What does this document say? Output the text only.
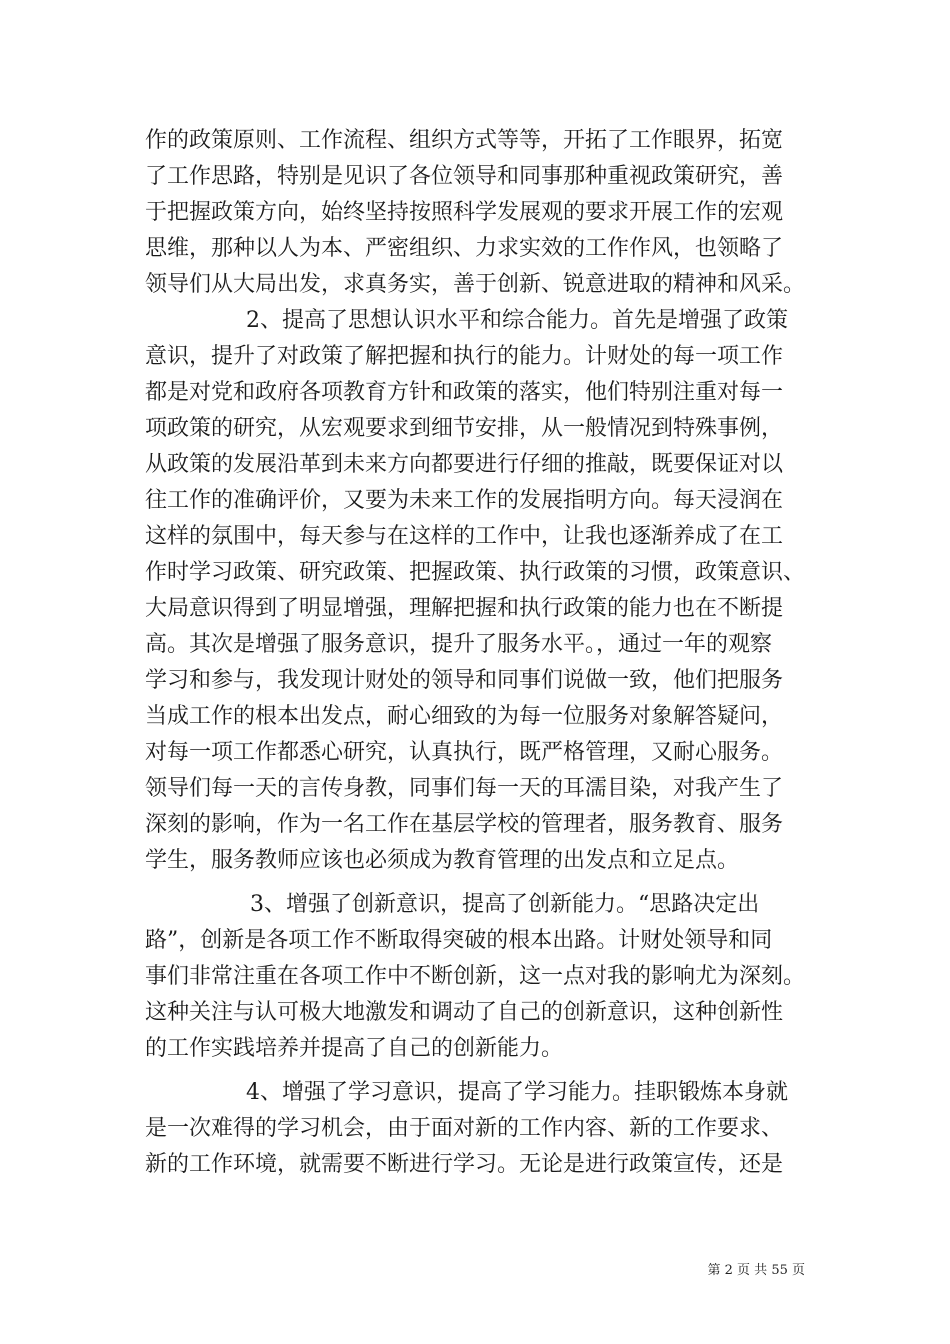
作的政策原则、工作流程、组织方式等等，开拓了工作眼界，拓宽
了工作思路，特别是见识了各位领导和同事那种重视政策研究，善
于把握政策方向，始终坚持按照科学发展观的要求开展工作的宏观
思维，那种以人为本、严密组织、力求实效的工作作风，也领略了
领导们从大局出发，求真务实，善于创新、锐意进取的精神和风采。
2、提高了思想认识水平和综合能力。首先是增强了政策
意识，提升了对政策了解把握和执行的能力。计财处的每一项工作
都是对党和政府各项教育方针和政策的落实，他们特别注重对每一
项政策的研究，从宏观要求到细节安排，从一般情况到特殊事例，
从政策的发展沿革到未来方向都要进行仔细的推敲，既要保证对以
往工作的准确评价，又要为未来工作的发展指明方向。每天浸润在
这样的氛围中，每天参与在这样的工作中，让我也逐渐养成了在工
作时学习政策、研究政策、把握政策、执行政策的习惯，政策意识、
大局意识得到了明显增强，理解把握和执行政策的能力也在不断提
高。其次是增强了服务意识，提升了服务水平。，通过一年的观察
学习和参与，我发现计财处的领导和同事们说做一致，他们把服务
当成工作的根本出发点，耐心细致的为每一位服务对象解答疑问，
对每一项工作都悉心研究，认真执行，既严格管理，又耐心服务。
领导们每一天的言传身教，同事们每一天的耳濡目染，对我产生了
深刻的影响，作为一名工作在基层学校的管理者，服务教育、服务
学生，服务教师应该也必须成为教育管理的出发点和立足点。
3、增强了创新意识，提高了创新能力。“思路决定出
路”，创新是各项工作不断取得突破的根本出路。计财处领导和同
事们非常注重在各项工作中不断创新，这一点对我的影响尤为深刻。
这种关注与认可极大地激发和调动了自己的创新意识，这种创新性
的工作实践培养并提高了自己的创新能力。
4、增强了学习意识，提高了学习能力。挂职锻炼本身就
是一次难得的学习机会，由于面对新的工作内容、新的工作要求、
新的工作环境，就需要不断进行学习。无论是进行政策宣传，还是
第 2 页 共 55 页
